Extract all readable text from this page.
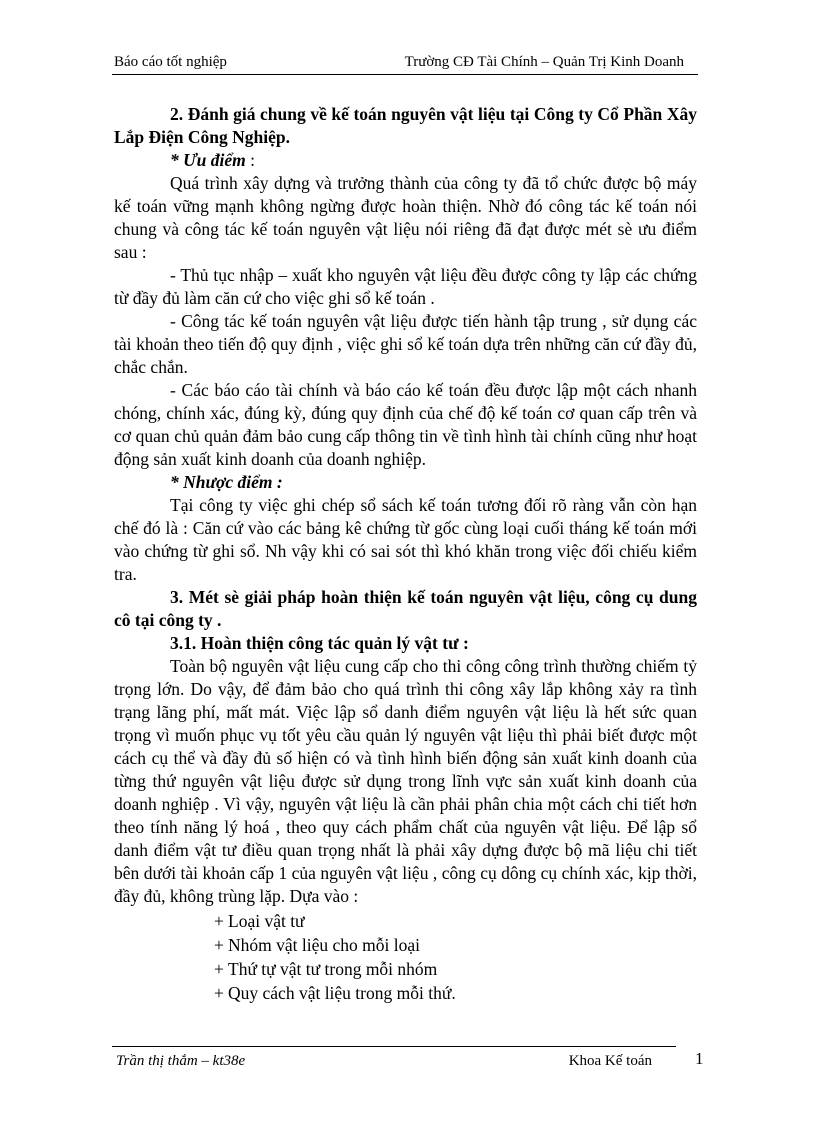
Báo cáo tốt nghiệp	Trường CĐ Tài Chính – Quản Trị Kinh Doanh

2. Đánh giá chung về kế toán nguyên vật liệu tại Công ty Cổ Phần Xây Lắp Điện Công Nghiệp.

* Ưu điểm :

Quá trình xây dựng và trưởng thành của công ty đã tổ chức được bộ máy kế toán vững mạnh không ngừng được hoàn thiện. Nhờ đó công tác kế toán nói chung và công tác kế toán nguyên vật liệu nói riêng đã đạt được mét sè ưu điểm sau :

- Thủ tục nhập – xuất kho nguyên vật liệu đều được công ty lập các chứng từ đầy đủ làm căn cứ cho việc ghi sổ kế toán .

- Công tác kế toán nguyên vật liệu được tiến hành tập trung , sử dụng các tài khoản theo tiến độ quy định , việc ghi sổ kế toán dựa trên những căn cứ đầy đủ, chắc chắn.

- Các báo cáo tài chính và báo cáo kế toán đều được lập một cách nhanh chóng, chính xác, đúng kỳ, đúng quy định của chế độ kế toán cơ quan cấp trên và cơ quan chủ quản đảm bảo cung cấp thông tin về tình hình tài chính cũng như hoạt động sản xuất kinh doanh của doanh nghiệp.

* Nhược điểm :

Tại công ty việc ghi chép sổ sách kế toán tương đối rõ ràng vẫn còn hạn chế đó là : Căn cứ vào các bảng kê chứng từ gốc cùng loại cuối tháng kế toán mới vào chứng từ ghi sổ. Nh vậy khi có sai sót thì khó khăn trong việc đối chiếu kiểm tra.

3. Mét sè giải pháp hoàn thiện kế toán nguyên vật liệu, công cụ dung cô tại công ty .

3.1. Hoàn thiện công tác quản lý vật tư :

Toàn bộ nguyên vật liệu cung cấp cho thi công công trình thường chiếm tỷ trọng lớn. Do vậy, để đảm bảo cho quá trình thi công xây lắp không xảy ra tình trạng lãng phí, mất mát. Việc lập sổ danh điểm nguyên vật liệu là hết sức quan trọng vì muốn phục vụ tốt yêu cầu quản lý nguyên vật liệu thì phải biết được một cách cụ thể và đầy đủ số hiện có và tình hình biến động sản xuất kinh doanh của từng thứ nguyên vật liệu được sử dụng trong lĩnh vực sản xuất kinh doanh của doanh nghiệp . Vì vậy, nguyên vật liệu là cần phải phân chia một cách chi tiết hơn theo tính năng lý hoá , theo quy cách phẩm chất của nguyên vật liệu. Để lập sổ danh điểm vật tư điều quan trọng nhất là phải xây dựng được bộ mã liệu chi tiết bên dưới tài khoản cấp 1 của nguyên vật liệu , công cụ dông cụ chính xác, kịp thời, đầy đủ, không trùng lặp. Dựa vào :

+ Loại vật tư
+ Nhóm vật liệu cho mỗi loại
+ Thứ tự vật tư trong mỗi nhóm
+ Quy cách vật liệu trong mỗi thứ.
Trần thị thắm – kt38e	Khoa Kế toán	1
